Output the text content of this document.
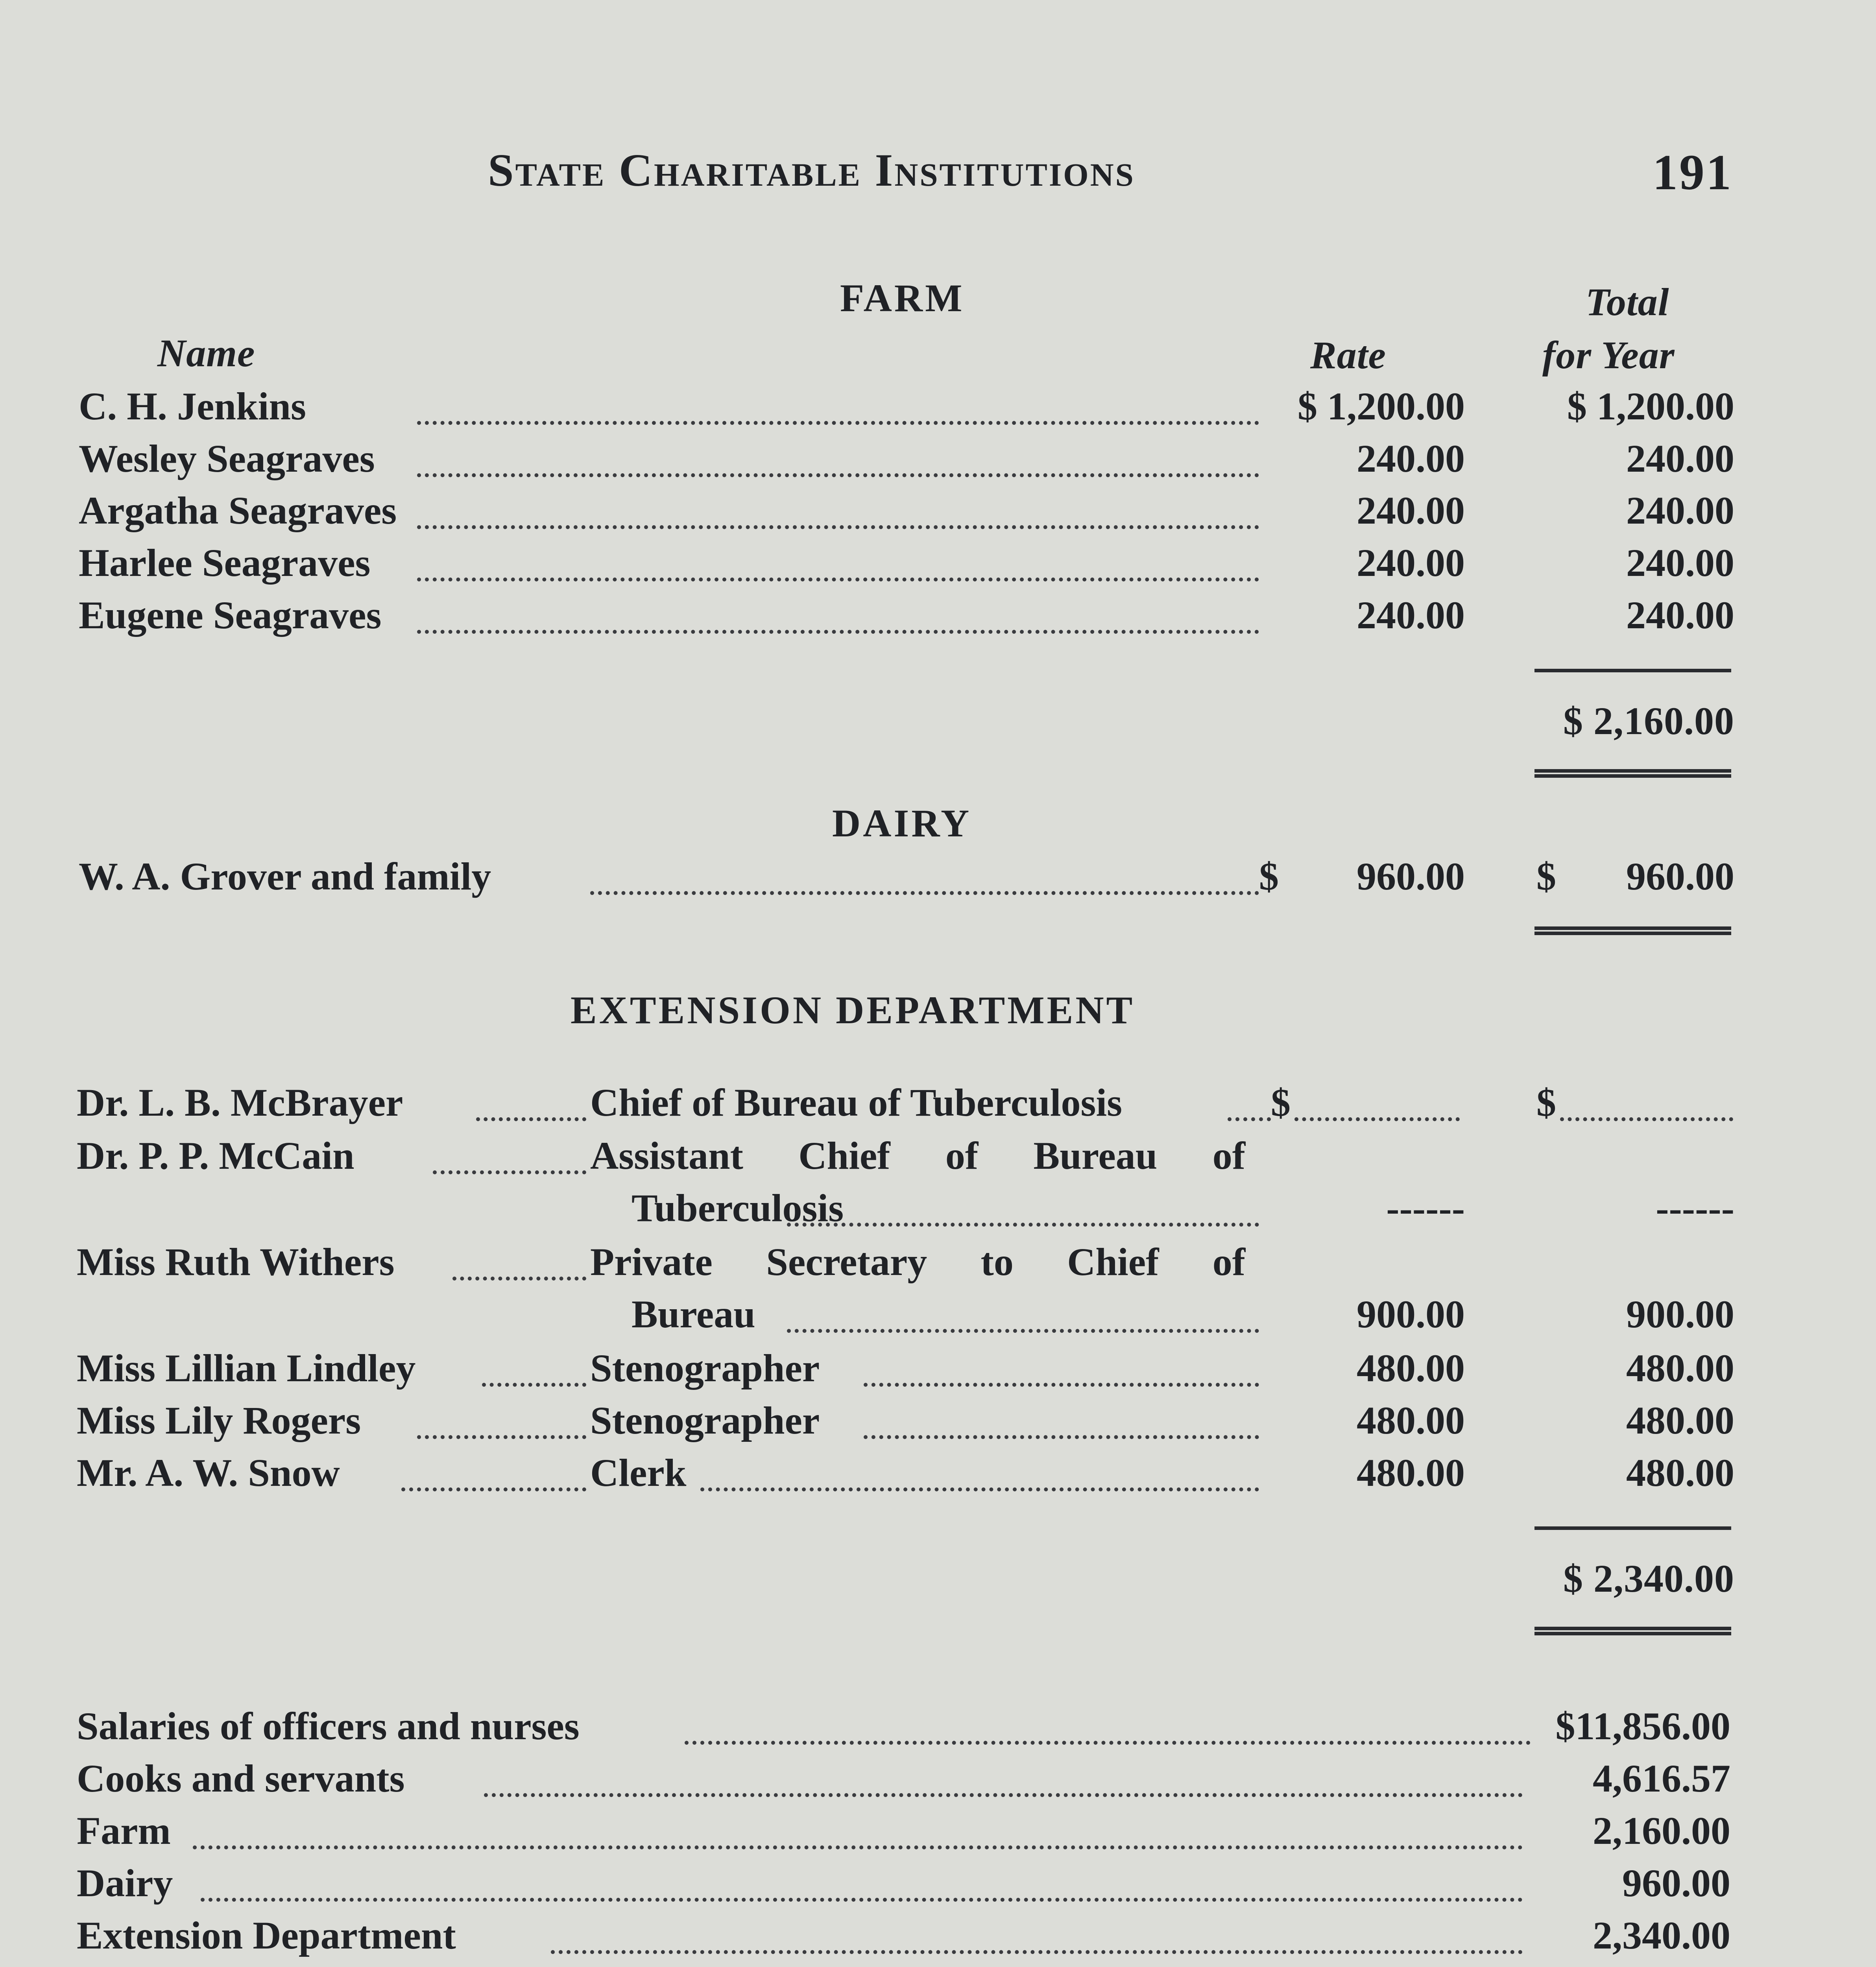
State Charitable Institutions	191
FARM	Total
Name	Rate	for Year
C. H. Jenkins	$ 1,200.00	$ 1,200.00
Wesley Seagraves	240.00	240.00
Argatha Seagraves	240.00	240.00
Harlee Seagraves	240.00	240.00
Eugene Seagraves	240.00	240.00
$ 2,160.00
DAIRY
W. A. Grover and family	$ 960.00 $ 960.00
EXTENSION DEPARTMENT
Dr. L. B. McBrayer	Chief of Bureau of Tuberculosis	$	$
Dr. P. P. McCain	Assistant Chief of Bureau of
Tuberculosis	------	------
Miss Ruth Withers	Private Secretary to Chief of
Bureau	900.00	900.00
Miss Lillian Lindley	Stenographer	480.00	480.00
Miss Lily Rogers	Stenographer	480.00	480.00
Mr. A. W. Snow	Clerk	480.00	480.00
$ 2,340.00
Salaries of officers and nurses	$11,856.00
Cooks and servants	4,616.57
Farm	2,160.00
Dairy	960.00
Extension Department	2,340.00
